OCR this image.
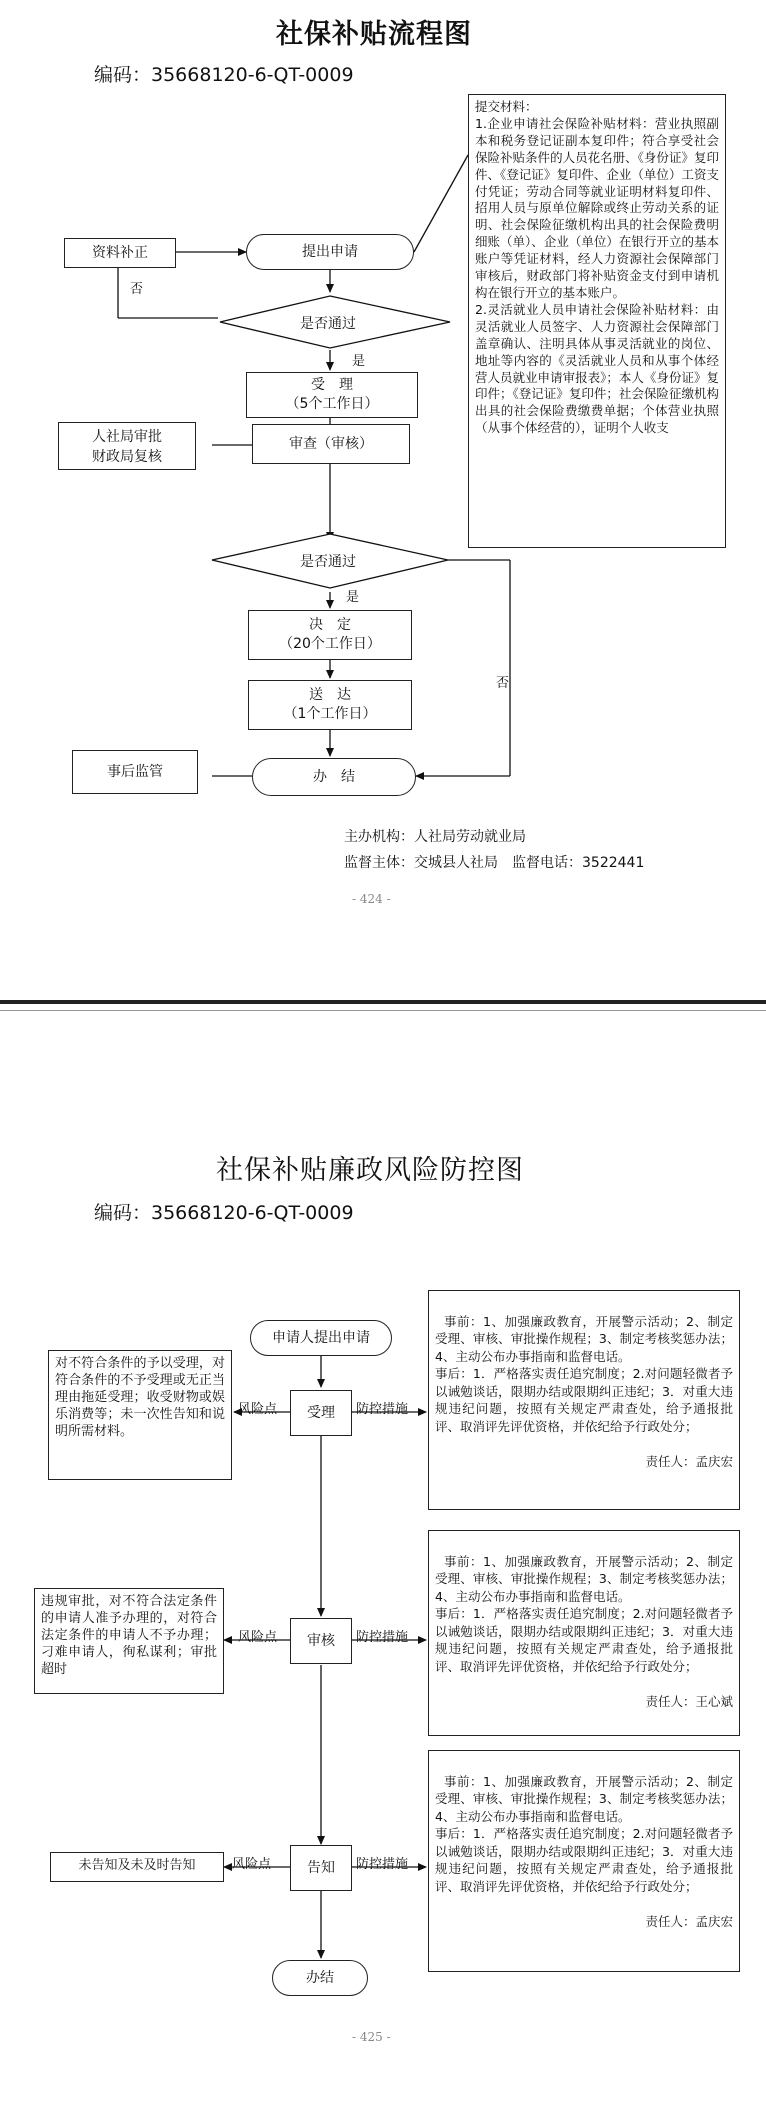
社保补贴流程图
编码：35668120-6-QT-0009
资料补正	提出申请
否
是否通过
是
受　理
（5个工作日）
审查（审核）
人社局审批
财政局复核
是否通过
是
否
决　定
（20个工作日）
送　达
（1个工作日）
事后监管	办　结
提交材料：
1.企业申请社会保险补贴材料：营业执照副本和税务登记证副本复印件；符合享受社会保险补贴条件的人员花名册、《身份证》复印件、《登记证》复印件、企业（单位）工资支付凭证；劳动合同等就业证明材料复印件、招用人员与原单位解除或终止劳动关系的证明、社会保险征缴机构出具的社会保险费明细账（单）、企业（单位）在银行开立的基本账户等凭证材料，经人力资源社会保障部门审核后，财政部门将补贴资金支付到申请机构在银行开立的基本账户。
2.灵活就业人员申请社会保险补贴材料：由灵活就业人员签字、人力资源社会保障部门盖章确认、注明具体从事灵活就业的岗位、地址等内容的《灵活就业人员和从事个体经营人员就业申请审报表》；本人《身份证》复印件；《登记证》复印件；社会保险征缴机构出具的社会保险费缴费单据；个体营业执照（从事个体经营的），证明个人收支
主办机构：人社局劳动就业局
监督主体：交城县人社局　监督电话：3522441
- 424 -
社保补贴廉政风险防控图
编码：35668120-6-QT-0009
申请人提出申请
受理
审核
告知
办结
风险点	防控措施
风险点	防控措施
风险点	防控措施
对不符合条件的予以受理，对符合条件的不予受理或无正当理由拖延受理；收受财物或娱乐消费等；未一次性告知和说明所需材料。
违规审批，对不符合法定条件的申请人准予办理的，对符合法定条件的申请人不予办理；刁难申请人，徇私谋利；审批超时
未告知及未及时告知

事前：1、加强廉政教育，开展警示活动；2、制定受理、审核、审批操作规程；3、制定考核奖惩办法；4、主动公布办事指南和监督电话。
事后：1．严格落实责任追究制度；2.对问题轻微者予以诫勉谈话，限期办结或限期纠正违纪；3．对重大违规违纪问题，按照有关规定严肃查处，给予通报批评、取消评先评优资格，并依纪给予行政处分；

责任人：孟庆宏

事前：1、加强廉政教育，开展警示活动；2、制定受理、审核、审批操作规程；3、制定考核奖惩办法；4、主动公布办事指南和监督电话。
事后：1．严格落实责任追究制度；2.对问题轻微者予以诫勉谈话，限期办结或限期纠正违纪；3．对重大违规违纪问题，按照有关规定严肃查处，给予通报批评、取消评先评优资格，并依纪给予行政处分；

责任人：王心斌

事前：1、加强廉政教育，开展警示活动；2、制定受理、审核、审批操作规程；3、制定考核奖惩办法；4、主动公布办事指南和监督电话。
事后：1．严格落实责任追究制度；2.对问题轻微者予以诫勉谈话，限期办结或限期纠正违纪；3．对重大违规违纪问题，按照有关规定严肃查处，给予通报批评、取消评先评优资格，并依纪给予行政处分；

责任人：孟庆宏

- 425 -
